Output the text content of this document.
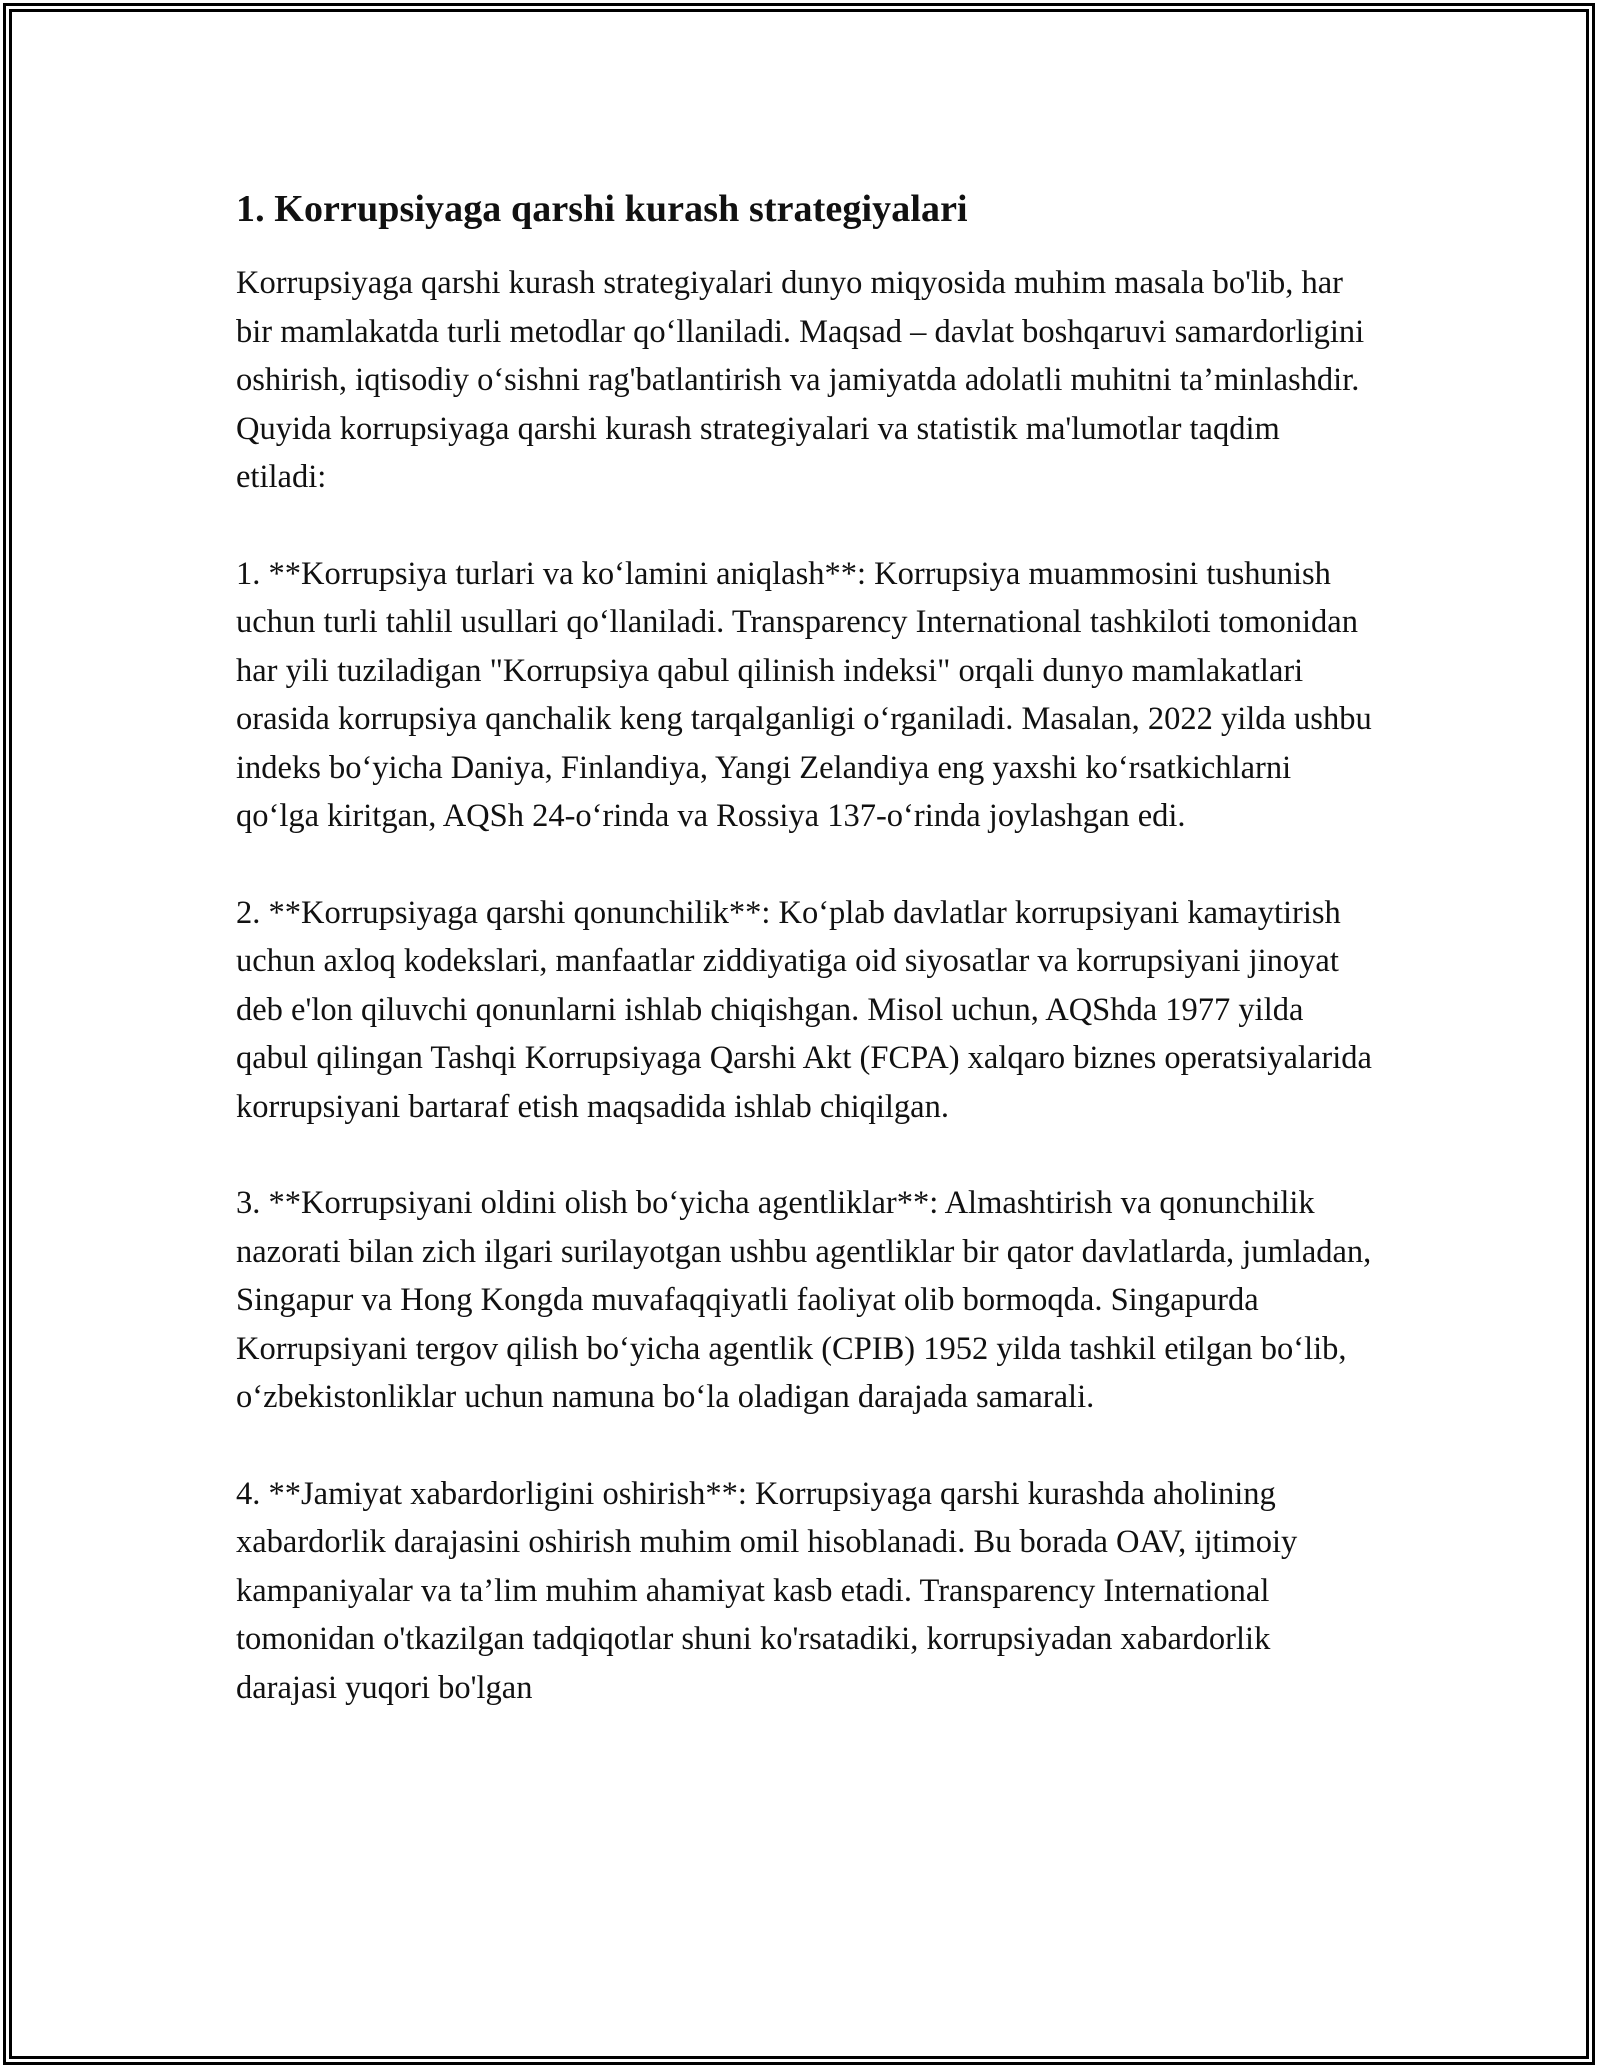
1. Korrupsiyaga qarshi kurash strategiyalari

Korrupsiyaga qarshi kurash strategiyalari dunyo miqyosida muhim masala bo'lib, har bir mamlakatda turli metodlar qo‘llaniladi. Maqsad – davlat boshqaruvi samardorligini oshirish, iqtisodiy o‘sishni rag'batlantirish va jamiyatda adolatli muhitni ta’minlashdir. Quyida korrupsiyaga qarshi kurash strategiyalari va statistik ma'lumotlar taqdim etiladi:

1. **Korrupsiya turlari va ko‘lamini aniqlash**: Korrupsiya muammosini tushunish uchun turli tahlil usullari qo‘llaniladi. Transparency International tashkiloti tomonidan har yili tuziladigan "Korrupsiya qabul qilinish indeksi" orqali dunyo mamlakatlari orasida korrupsiya qanchalik keng tarqalganligi o‘rganiladi. Masalan, 2022 yilda ushbu indeks bo‘yicha Daniya, Finlandiya, Yangi Zelandiya eng yaxshi ko‘rsatkichlarni qo‘lga kiritgan, AQSh 24-o‘rinda va Rossiya 137-o‘rinda joylashgan edi.

2. **Korrupsiyaga qarshi qonunchilik**: Ko‘plab davlatlar korrupsiyani kamaytirish uchun axloq kodekslari, manfaatlar ziddiyatiga oid siyosatlar va korrupsiyani jinoyat deb e'lon qiluvchi qonunlarni ishlab chiqishgan. Misol uchun, AQShda 1977 yilda qabul qilingan Tashqi Korrupsiyaga Qarshi Akt (FCPA) xalqaro biznes operatsiyalarida korrupsiyani bartaraf etish maqsadida ishlab chiqilgan.

3. **Korrupsiyani oldini olish bo‘yicha agentliklar**: Almashtirish va qonunchilik nazorati bilan zich ilgari surilayotgan ushbu agentliklar bir qator davlatlarda, jumladan, Singapur va Hong Kongda muvafaqqiyatli faoliyat olib bormoqda. Singapurda Korrupsiyani tergov qilish bo‘yicha agentlik (CPIB) 1952 yilda tashkil etilgan bo‘lib, o‘zbekistonliklar uchun namuna bo‘la oladigan darajada samarali.

4. **Jamiyat xabardorligini oshirish**: Korrupsiyaga qarshi kurashda aholining xabardorlik darajasini oshirish muhim omil hisoblanadi. Bu borada OAV, ijtimoiy kampaniyalar va ta’lim muhim ahamiyat kasb etadi. Transparency International tomonidan o'tkazilgan tadqiqotlar shuni ko'rsatadiki, korrupsiyadan xabardorlik darajasi yuqori bo'lgan
